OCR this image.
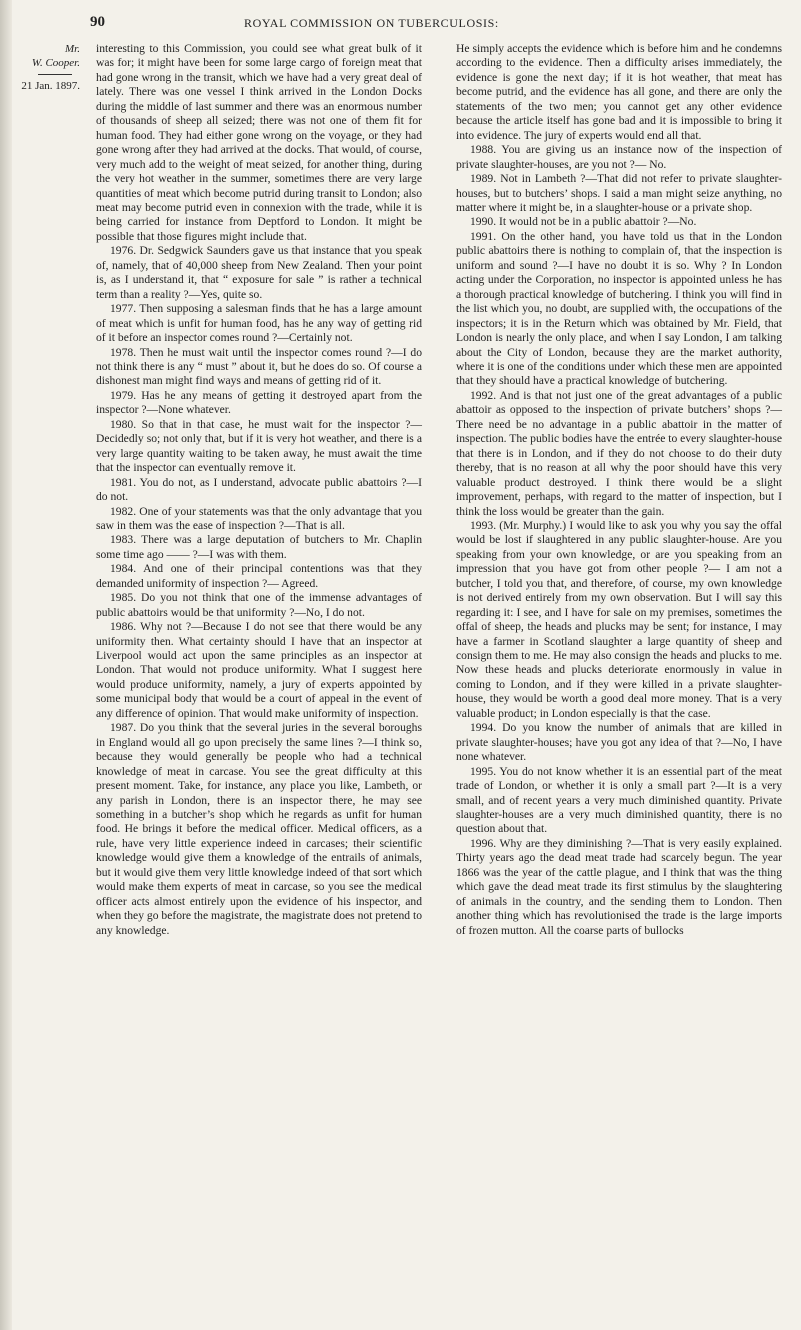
90	ROYAL COMMISSION ON TUBERCULOSIS:
Mr.
W. Cooper.
21 Jan. 1897.

interesting to this Commission, you could see what great bulk of it was for; it might have been for some large cargo of foreign meat that had gone wrong in the transit, which we have had a very great deal of lately. There was one vessel I think arrived in the London Docks during the middle of last summer and there was an enormous number of thousands of sheep all seized; there was not one of them fit for human food. They had either gone wrong on the voyage, or they had gone wrong after they had arrived at the docks. That would, of course, very much add to the weight of meat seized, for another thing, during the very hot weather in the summer, sometimes there are very large quantities of meat which become putrid during transit to London; also meat may become putrid even in connexion with the trade, while it is being carried for instance from Deptford to London. It might be possible that those figures might include that.

1976. Dr. Sedgwick Saunders gave us that instance that you speak of, namely, that of 40,000 sheep from New Zealand. Then your point is, as I understand it, that “ exposure for sale ” is rather a technical term than a reality ?—Yes, quite so.

1977. Then supposing a salesman finds that he has a large amount of meat which is unfit for human food, has he any way of getting rid of it before an inspector comes round ?—Certainly not.

1978. Then he must wait until the inspector comes round ?—I do not think there is any “ must ” about it, but he does do so. Of course a dishonest man might find ways and means of getting rid of it.

1979. Has he any means of getting it destroyed apart from the inspector ?—None whatever.

1980. So that in that case, he must wait for the inspector ?—Decidedly so; not only that, but if it is very hot weather, and there is a very large quantity waiting to be taken away, he must await the time that the inspector can eventually remove it.

1981. You do not, as I understand, advocate public abattoirs ?—I do not.

1982. One of your statements was that the only advantage that you saw in them was the ease of inspection ?—That is all.

1983. There was a large deputation of butchers to Mr. Chaplin some time ago —— ?—I was with them.

1984. And one of their principal contentions was that they demanded uniformity of inspection ?— Agreed.

1985. Do you not think that one of the immense advantages of public abattoirs would be that uniformity ?—No, I do not.

1986. Why not ?—Because I do not see that there would be any uniformity then. What certainty should I have that an inspector at Liverpool would act upon the same principles as an inspector at London. That would not produce uniformity. What I suggest here would produce uniformity, namely, a jury of experts appointed by some municipal body that would be a court of appeal in the event of any difference of opinion. That would make uniformity of inspection.

1987. Do you think that the several juries in the several boroughs in England would all go upon precisely the same lines ?—I think so, because they would generally be people who had a technical knowledge of meat in carcase. You see the great difficulty at this present moment. Take, for instance, any place you like, Lambeth, or any parish in London, there is an inspector there, he may see something in a butcher’s shop which he regards as unfit for human food. He brings it before the medical officer. Medical officers, as a rule, have very little experience indeed in carcases; their scientific knowledge would give them a knowledge of the entrails of animals, but it would give them very little knowledge indeed of that sort which would make them experts of meat in carcase, so you see the medical officer acts almost entirely upon the evidence of his inspector, and when they go before the magistrate, the magistrate does not pretend to any knowledge.

He simply accepts the evidence which is before him and he condemns according to the evidence. Then a difficulty arises immediately, the evidence is gone the next day; if it is hot weather, that meat has become putrid, and the evidence has all gone, and there are only the statements of the two men; you cannot get any other evidence because the article itself has gone bad and it is impossible to bring it into evidence. The jury of experts would end all that.

1988. You are giving us an instance now of the inspection of private slaughter-houses, are you not ?— No.

1989. Not in Lambeth ?—That did not refer to private slaughter-houses, but to butchers’ shops. I said a man might seize anything, no matter where it might be, in a slaughter-house or a private shop.

1990. It would not be in a public abattoir ?—No.

1991. On the other hand, you have told us that in the London public abattoirs there is nothing to complain of, that the inspection is uniform and sound ?—I have no doubt it is so. Why ? In London acting under the Corporation, no inspector is appointed unless he has a thorough practical knowledge of butchering. I think you will find in the list which you, no doubt, are supplied with, the occupations of the inspectors; it is in the Return which was obtained by Mr. Field, that London is nearly the only place, and when I say London, I am talking about the City of London, because they are the market authority, where it is one of the conditions under which these men are appointed that they should have a practical knowledge of butchering.

1992. And is that not just one of the great advantages of a public abattoir as opposed to the inspection of private butchers’ shops ?—There need be no advantage in a public abattoir in the matter of inspection. The public bodies have the entrée to every slaughter-house that there is in London, and if they do not choose to do their duty thereby, that is no reason at all why the poor should have this very valuable product destroyed. I think there would be a slight improvement, perhaps, with regard to the matter of inspection, but I think the loss would be greater than the gain.

1993. (Mr. Murphy.) I would like to ask you why you say the offal would be lost if slaughtered in any public slaughter-house. Are you speaking from your own knowledge, or are you speaking from an impression that you have got from other people ?— I am not a butcher, I told you that, and therefore, of course, my own knowledge is not derived entirely from my own observation. But I will say this regarding it: I see, and I have for sale on my premises, sometimes the offal of sheep, the heads and plucks may be sent; for instance, I may have a farmer in Scotland slaughter a large quantity of sheep and consign them to me. He may also consign the heads and plucks to me. Now these heads and plucks deteriorate enormously in value in coming to London, and if they were killed in a private slaughter-house, they would be worth a good deal more money. That is a very valuable product; in London especially is that the case.

1994. Do you know the number of animals that are killed in private slaughter-houses; have you got any idea of that ?—No, I have none whatever.

1995. You do not know whether it is an essential part of the meat trade of London, or whether it is only a small part ?—It is a very small, and of recent years a very much diminished quantity. Private slaughter-houses are a very much diminished quantity, there is no question about that.

1996. Why are they diminishing ?—That is very easily explained. Thirty years ago the dead meat trade had scarcely begun. The year 1866 was the year of the cattle plague, and I think that was the thing which gave the dead meat trade its first stimulus by the slaughtering of animals in the country, and the sending them to London. Then another thing which has revolutionised the trade is the large imports of frozen mutton. All the coarse parts of bullocks
